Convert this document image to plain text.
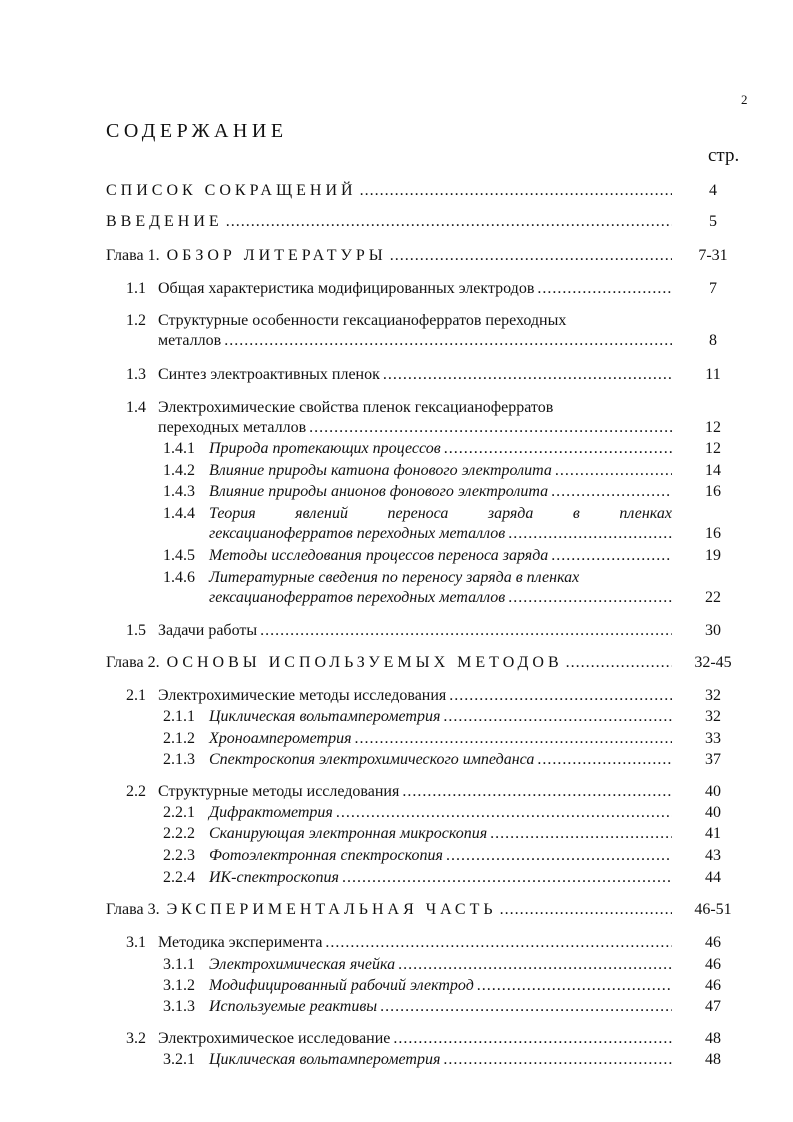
2
СОДЕРЖАНИЕ
стр.
СПИСОК СОКРАЩЕНИЙ .....	4
ВВЕДЕНИЕ .....	5
Глава 1. ОБЗОР ЛИТЕРАТУРЫ .....	7-31
1.1 Общая характеристика модифицированных электродов .....	7
1.2 Структурные особенности гексацианоферратов переходных
металлов .....	8
1.3 Синтез электроактивных пленок .....	11
1.4 Электрохимические свойства пленок гексацианоферратов
переходных металлов .....	12
1.4.1 Природа протекающих процессов .....	12
1.4.2 Влияние природы катиона фонового электролита .....	14
1.4.3 Влияние природы анионов фонового электролита .....	16
1.4.4 Теория явлений переноса заряда в пленках
гексацианоферратов переходных металлов .....	16
1.4.5 Методы исследования процессов переноса заряда .....	19
1.4.6 Литературные сведения по переносу заряда в пленках
гексацианоферратов переходных металлов .....	22
1.5 Задачи работы .....	30
Глава 2. ОСНОВЫ ИСПОЛЬЗУЕМЫХ МЕТОДОВ .....	32-45
2.1 Электрохимические методы исследования .....	32
2.1.1 Циклическая вольтамперометрия .....	32
2.1.2 Хроноамперометрия .....	33
2.1.3 Спектроскопия электрохимического импеданса .....	37
2.2 Структурные методы исследования .....	40
2.2.1 Дифрактометрия .....	40
2.2.2 Сканирующая электронная микроскопия .....	41
2.2.3 Фотоэлектронная спектроскопия .....	43
2.2.4 ИК-спектроскопия .....	44
Глава 3. ЭКСПЕРИМЕНТАЛЬНАЯ ЧАСТЬ .....	46-51
3.1 Методика эксперимента .....	46
3.1.1 Электрохимическая ячейка .....	46
3.1.2 Модифицированный рабочий электрод .....	46
3.1.3 Используемые реактивы .....	47
3.2 Электрохимическое исследование .....	48
3.2.1 Циклическая вольтамперометрия .....	48
